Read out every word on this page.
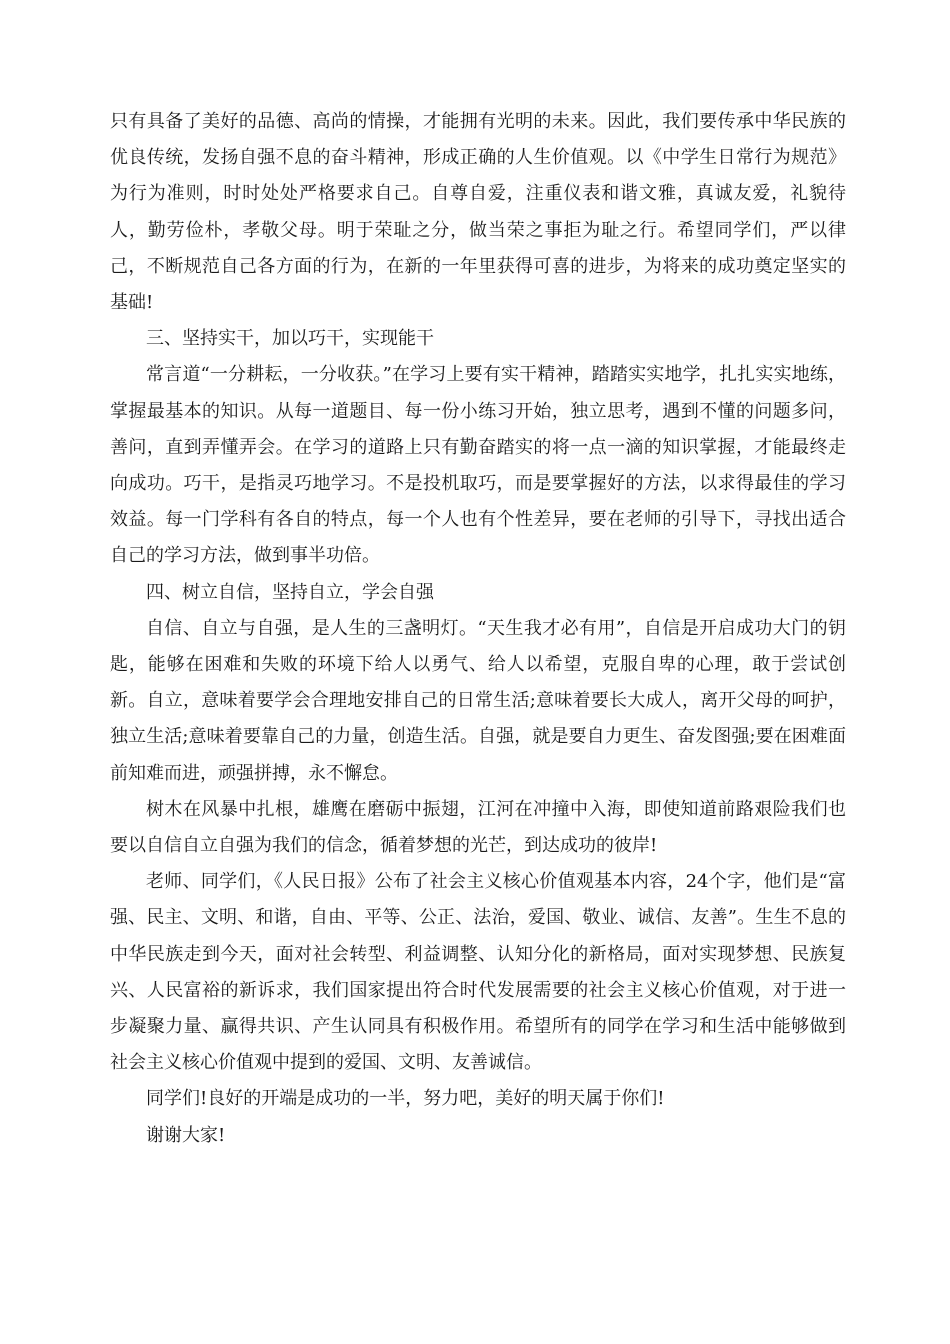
只有具备了美好的品德、高尚的情操，才能拥有光明的未来。因此，我们要传承中华民族的优良传统，发扬自强不息的奋斗精神，形成正确的人生价值观。以《中学生日常行为规范》为行为准则，时时处处严格要求自己。自尊自爱，注重仪表和谐文雅，真诚友爱，礼貌待人，勤劳俭朴，孝敬父母。明于荣耻之分，做当荣之事拒为耻之行。希望同学们，严以律己，不断规范自己各方面的行为，在新的一年里获得可喜的进步，为将来的成功奠定坚实的基础!

三、坚持实干，加以巧干，实现能干

常言道“一分耕耘，一分收获。”在学习上要有实干精神，踏踏实实地学，扎扎实实地练，掌握最基本的知识。从每一道题目、每一份小练习开始，独立思考，遇到不懂的问题多问，善问，直到弄懂弄会。在学习的道路上只有勤奋踏实的将一点一滴的知识掌握，才能最终走向成功。巧干，是指灵巧地学习。不是投机取巧，而是要掌握好的方法，以求得最佳的学习效益。每一门学科有各自的特点，每一个人也有个性差异，要在老师的引导下，寻找出适合自己的学习方法，做到事半功倍。

四、树立自信，坚持自立，学会自强

自信、自立与自强，是人生的三盏明灯。“天生我才必有用”，自信是开启成功大门的钥匙，能够在困难和失败的环境下给人以勇气、给人以希望，克服自卑的心理，敢于尝试创新。自立，意味着要学会合理地安排自己的日常生活;意味着要长大成人，离开父母的呵护，独立生活;意味着要靠自己的力量，创造生活。自强，就是要自力更生、奋发图强;要在困难面前知难而进，顽强拼搏，永不懈怠。

树木在风暴中扎根，雄鹰在磨砺中振翅，江河在冲撞中入海，即使知道前路艰险我们也要以自信自立自强为我们的信念，循着梦想的光芒，到达成功的彼岸!

老师、同学们，《人民日报》公布了社会主义核心价值观基本内容，24个字，他们是“富强、民主、文明、和谐，自由、平等、公正、法治，爱国、敬业、诚信、友善”。生生不息的中华民族走到今天，面对社会转型、利益调整、认知分化的新格局，面对实现梦想、民族复兴、人民富裕的新诉求，我们国家提出符合时代发展需要的社会主义核心价值观，对于进一步凝聚力量、赢得共识、产生认同具有积极作用。希望所有的同学在学习和生活中能够做到社会主义核心价值观中提到的爱国、文明、友善诚信。

同学们!良好的开端是成功的一半，努力吧，美好的明天属于你们!

谢谢大家!
